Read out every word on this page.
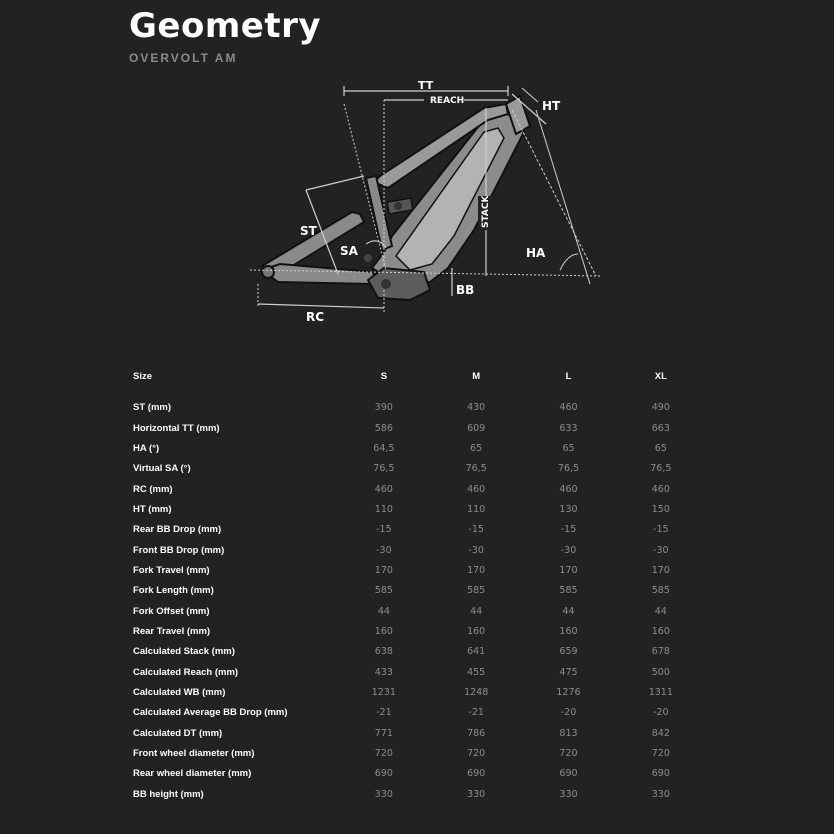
Geometry
OVERVOLT AM
TT
REACH	HT
ST
SA
STACK
HA
BB
RC
Size	S	M	L	XL

ST (mm)	390	430	460	490
Horizontal TT (mm)	586	609	633	663
HA (°)	64,5	65	65	65
Virtual SA (°)	76,5	76,5	76,5	76,5
RC (mm)	460	460	460	460
HT (mm)	110	110	130	150
Rear BB Drop (mm)	-15	-15	-15	-15
Front BB Drop (mm)	-30	-30	-30	-30
Fork Travel (mm)	170	170	170	170
Fork Length (mm)	585	585	585	585
Fork Offset (mm)	44	44	44	44
Rear Travel (mm)	160	160	160	160
Calculated Stack (mm)	638	641	659	678
Calculated Reach (mm)	433	455	475	500
Calculated WB (mm)	1231	1248	1276	1311
Calculated Average BB Drop (mm)	-21	-21	-20	-20
Calculated DT (mm)	771	786	813	842
Front wheel diameter (mm)	720	720	720	720
Rear wheel diameter (mm)	690	690	690	690
BB height (mm)	330	330	330	330
